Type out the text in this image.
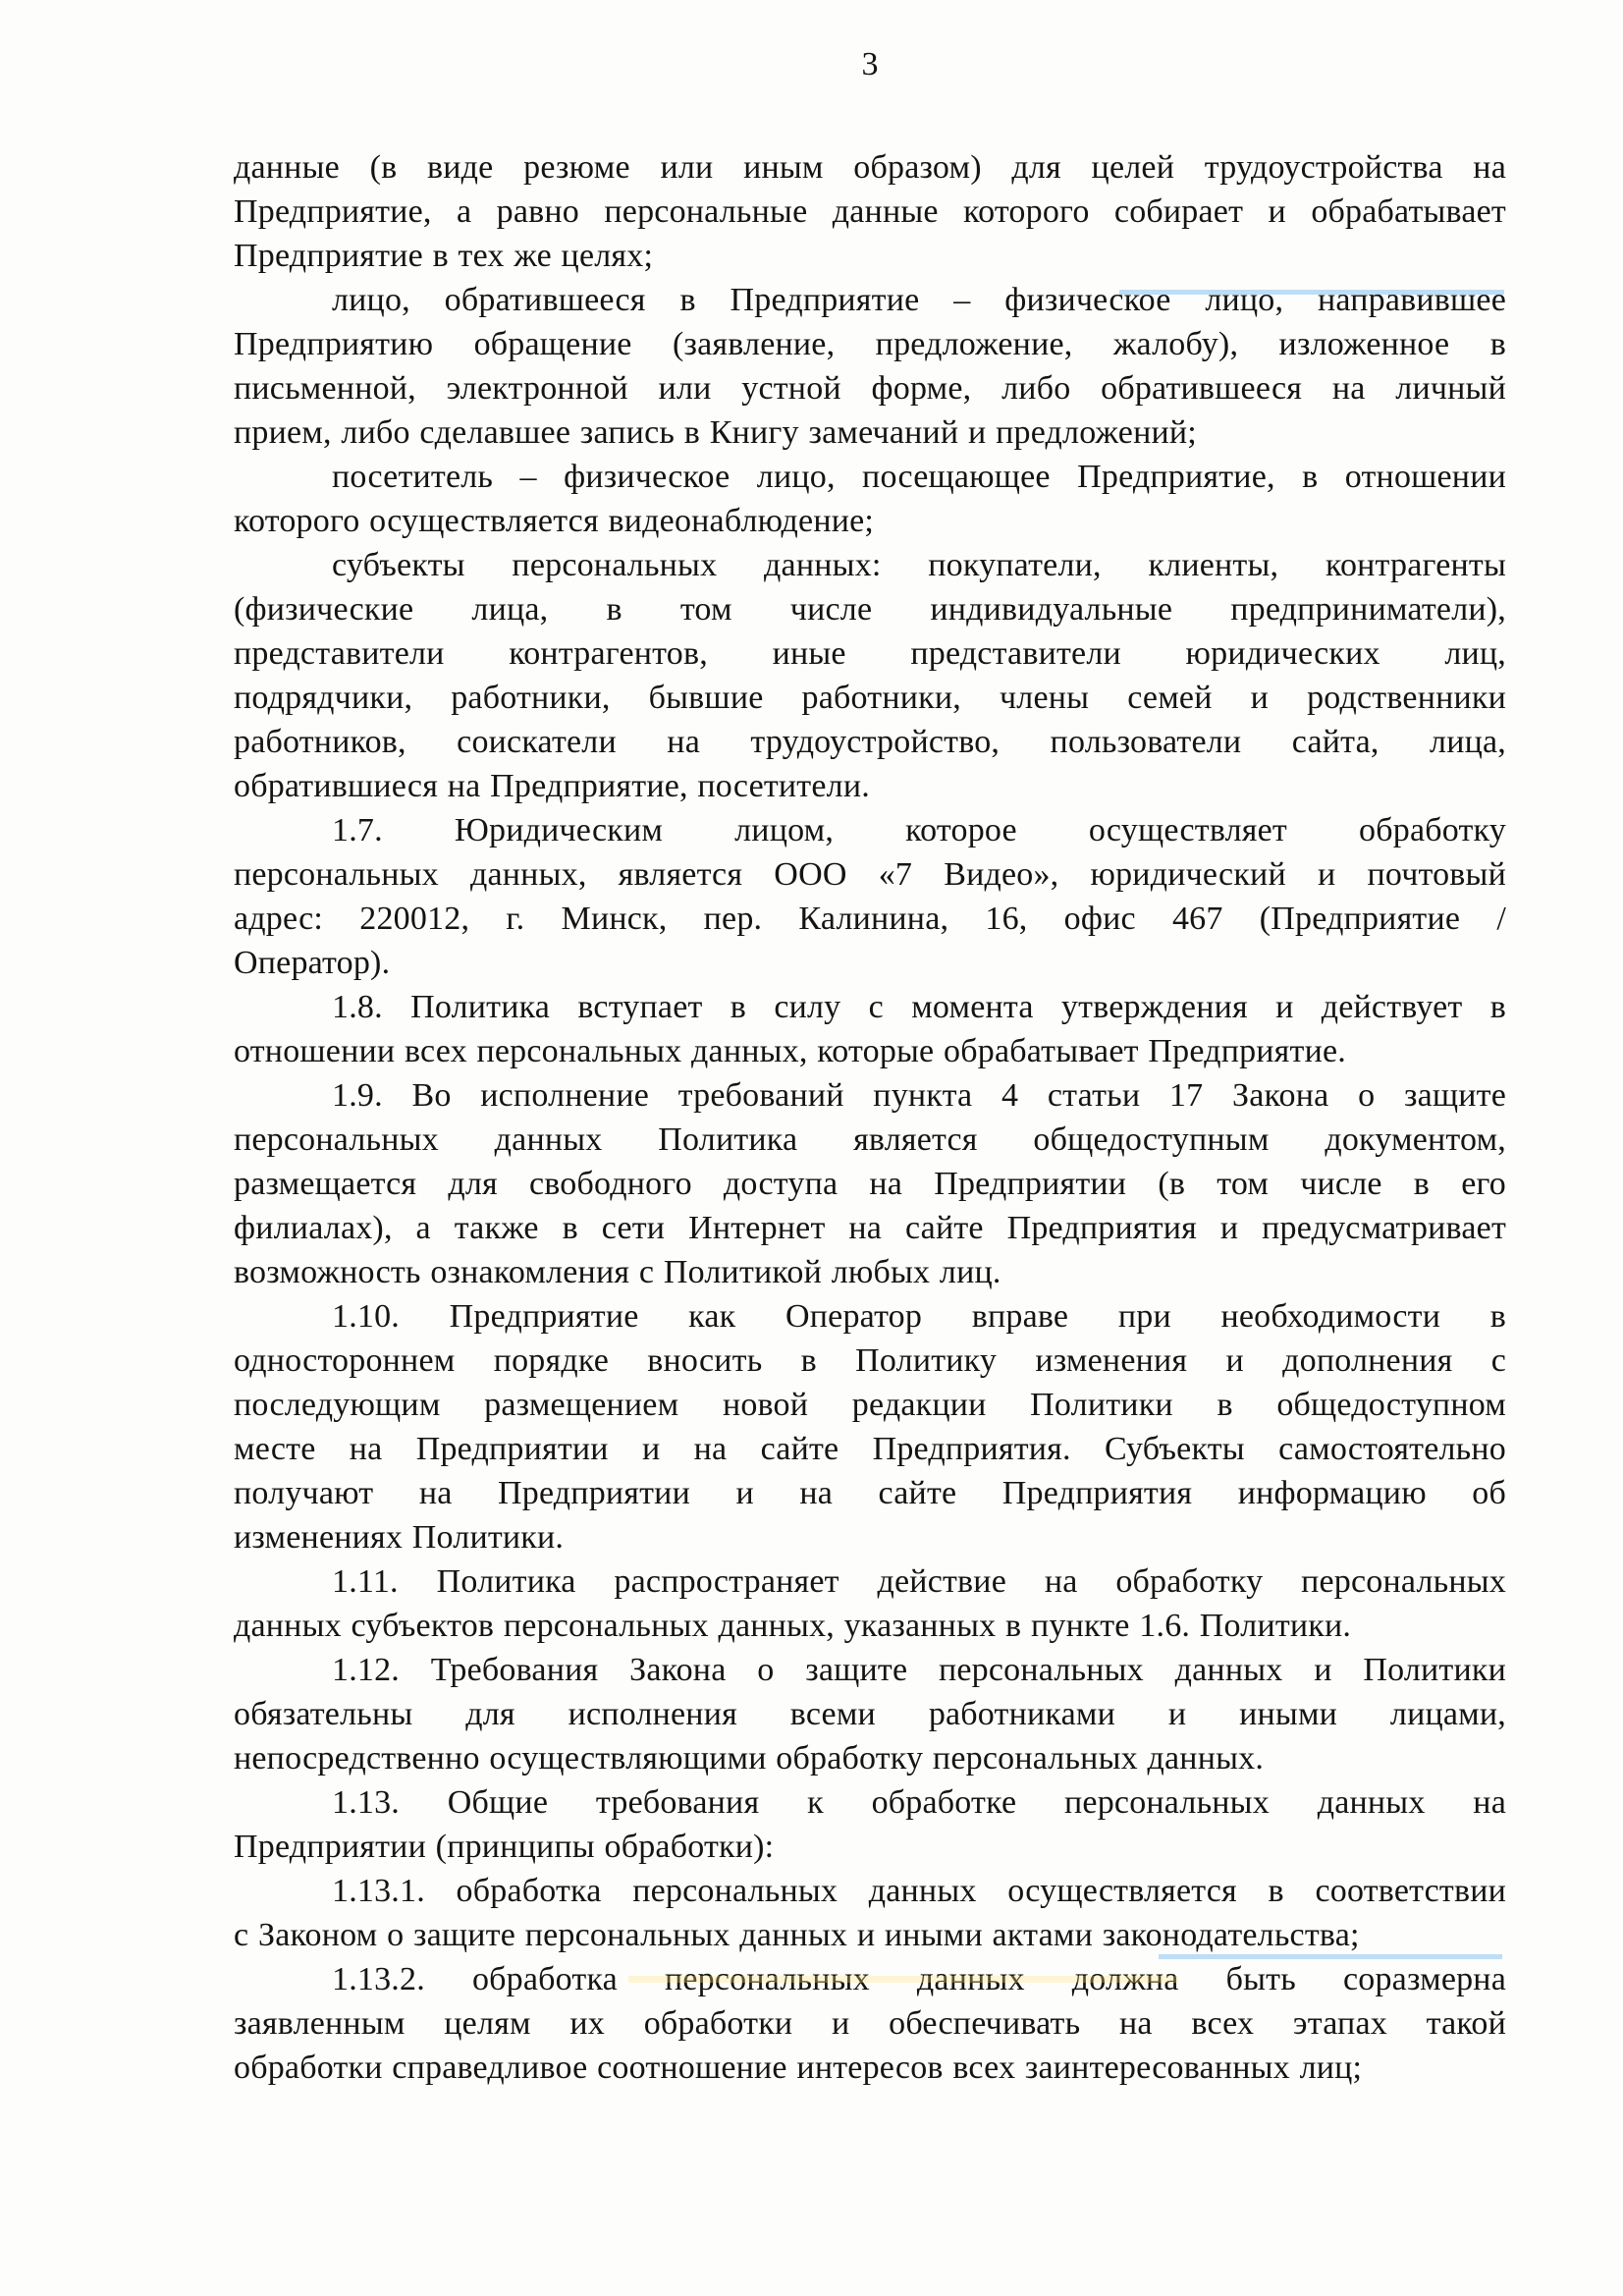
3

данные (в виде резюме или иным образом) для целей трудоустройства на
Предприятие, а равно персональные данные которого собирает и обрабатывает
Предприятие в тех же целях;

лицо, обратившееся в Предприятие – физическое лицо, направившее
Предприятию обращение (заявление, предложение, жалобу), изложенное в
письменной, электронной или устной форме, либо обратившееся на личный
прием, либо сделавшее запись в Книгу замечаний и предложений;

посетитель – физическое лицо, посещающее Предприятие, в отношении
которого осуществляется видеонаблюдение;

субъекты персональных данных: покупатели, клиенты, контрагенты
(физические лица, в том числе индивидуальные предприниматели),
представители контрагентов, иные представители юридических лиц,
подрядчики, работники, бывшие работники, члены семей и родственники
работников, соискатели на трудоустройство, пользователи сайта, лица,
обратившиеся на Предприятие, посетители.

1.7. Юридическим лицом, которое осуществляет обработку
персональных данных, является ООО «7 Видео», юридический и почтовый
адрес: 220012, г. Минск, пер. Калинина, 16, офис 467 (Предприятие /
Оператор).

1.8. Политика вступает в силу с момента утверждения и действует в
отношении всех персональных данных, которые обрабатывает Предприятие.

1.9. Во исполнение требований пункта 4 статьи 17 Закона о защите
персональных данных Политика является общедоступным документом,
размещается для свободного доступа на Предприятии (в том числе в его
филиалах), а также в сети Интернет на сайте Предприятия и предусматривает
возможность ознакомления с Политикой любых лиц.

1.10. Предприятие как Оператор вправе при необходимости в
одностороннем порядке вносить в Политику изменения и дополнения с
последующим размещением новой редакции Политики в общедоступном
месте на Предприятии и на сайте Предприятия. Субъекты самостоятельно
получают на Предприятии и на сайте Предприятия информацию об
изменениях Политики.

1.11. Политика распространяет действие на обработку персональных
данных субъектов персональных данных, указанных в пункте 1.6. Политики.

1.12. Требования Закона о защите персональных данных и Политики
обязательны для исполнения всеми работниками и иными лицами,
непосредственно осуществляющими обработку персональных данных.

1.13. Общие требования к обработке персональных данных на
Предприятии (принципы обработки):

1.13.1. обработка персональных данных осуществляется в соответствии
с Законом о защите персональных данных и иными актами законодательства;

1.13.2. обработка персональных данных должна быть соразмерна
заявленным целям их обработки и обеспечивать на всех этапах такой
обработки справедливое соотношение интересов всех заинтересованных лиц;
